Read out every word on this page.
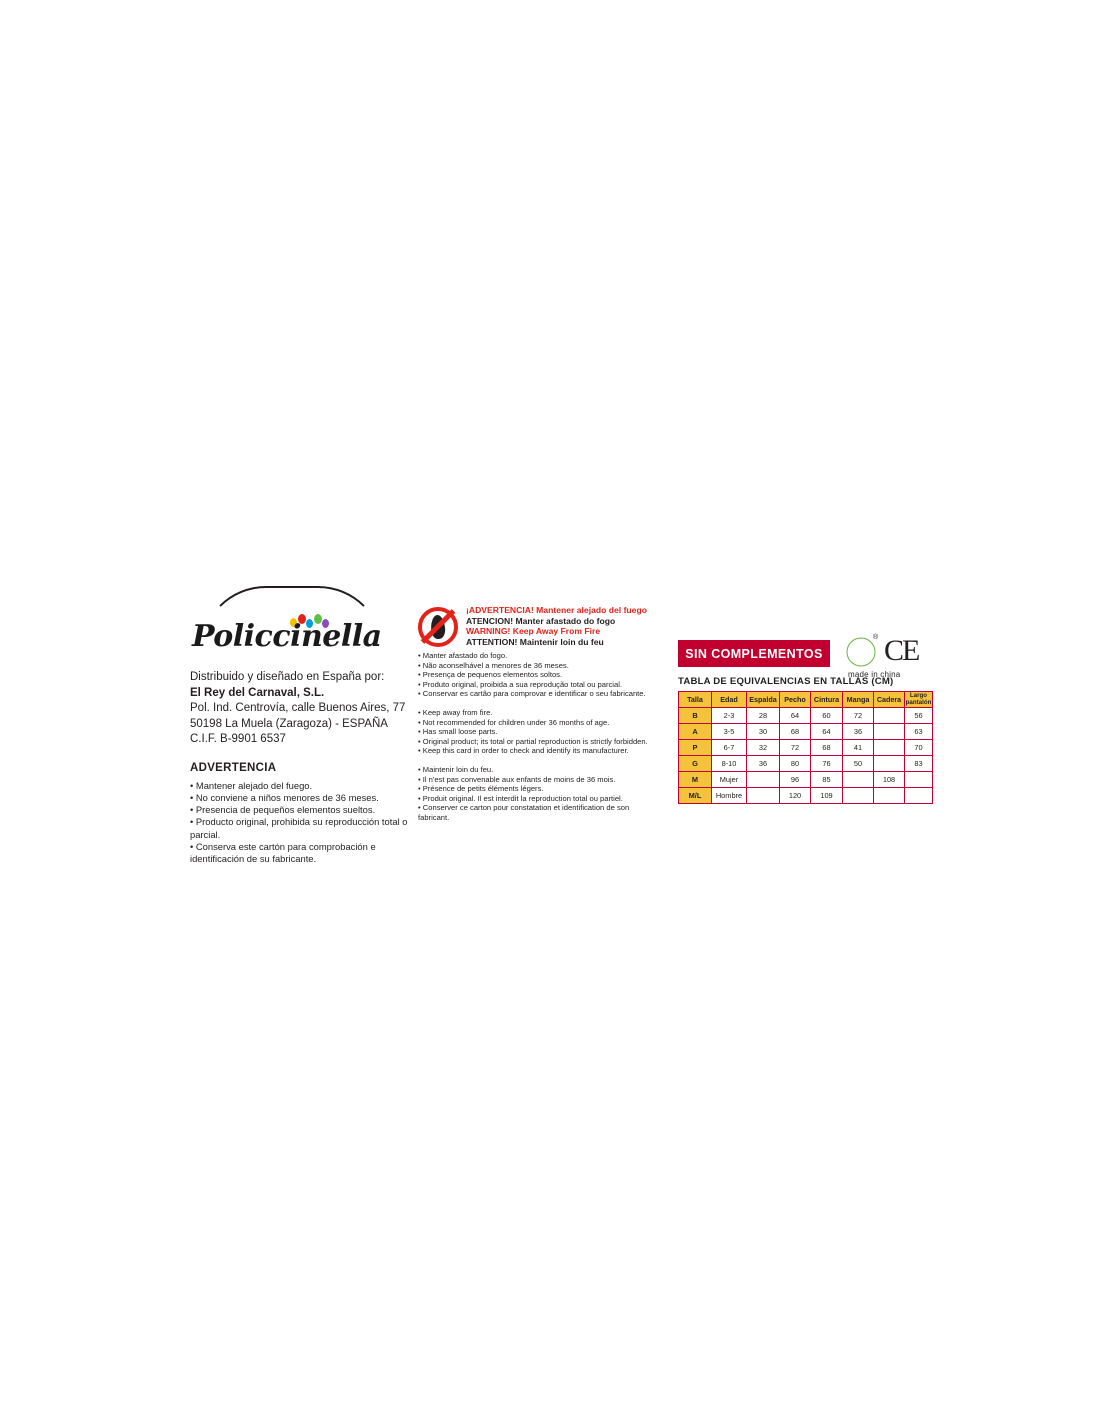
Policcinella
Distribuido y diseñado en España por:
El Rey del Carnaval, S.L.
Pol. Ind. Centrovía, calle Buenos Aires, 77
50198 La Muela (Zaragoza) - ESPAÑA
C.I.F. B-9901 6537
ADVERTENCIA
• Mantener alejado del fuego.
• No conviene a niños menores de 36 meses.
• Presencia de pequeños elementos sueltos.
• Producto original, prohibida su reproducción total o parcial.
• Conserva este cartón para comprobación e identificación de su fabricante.
¡ADVERTENCIA! Mantener alejado del fuego
ATENCION! Manter afastado do fogo
WARNING! Keep Away From Fire
ATTENTION! Maintenir loin du feu
• Manter afastado do fogo.
• Não aconselhável a menores de 36 meses.
• Presença de pequenos elementos soltos.
• Produto original, proibida a sua reprodução total ou parcial.
• Conservar es cartão para comprovar e identificar o seu fabricante.
• Keep away from fire.
• Not recommended for children under 36 months of age.
• Has small loose parts.
• Original product; its total or partial reproduction is strictly forbidden.
• Keep this card in order to check and identify its manufacturer.
• Maintenir loin du feu.
• Il n'est pas convenable aux enfants de moins de 36 mois.
• Présence de petits éléments légers.
• Produit original. Il est interdit la reproduction total ou partiel.
• Conserver ce carton pour constatation et identification de son fabricant.
SIN COMPLEMENTOS
® CE
made in china
TABLA DE EQUIVALENCIAS EN TALLAS (CM)
Talla	Edad	Espalda	Pecho	Cintura	Manga	Cadera	Largo pantalón

B	2-3	28	64	60	72		56
A	3-5	30	68	64	36		63
P	6-7	32	72	68	41		70
G	8-10	36	80	76	50		83
M	Mujer		96	85		108	
M/L	Hombre		120	109			
